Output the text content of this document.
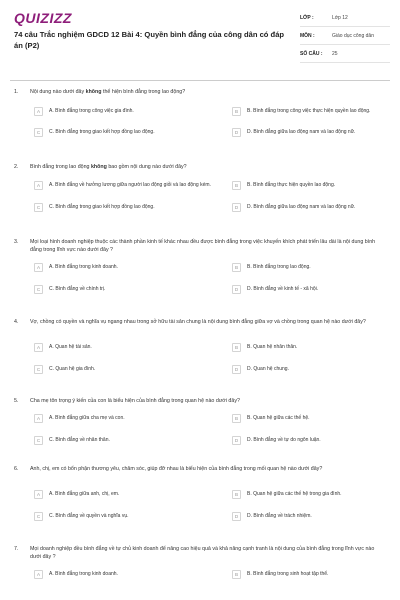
QUIZIZZ
74 câu Trắc nghiệm GDCD 12 Bài 4: Quyền bình đẳng của công dân có đáp án (P2)
LỚP :	Lớp 12
MÔN :	Giáo dục công dân
SỐ CÂU :	25
1.	Nội dung nào dưới đây không thể hiện bình đẳng trong lao động?
A	A. Bình đẳng trong công việc gia đình.	B	B. Bình đẳng trong công việc thực hiện quyền lao động.
C	C. Bình đẳng trong giao kết hợp đồng lao động.	D	D. Bình đẳng giữa lao động nam và lao động nữ.
2.	Bình đẳng trong lao động không bao gồm nội dung nào dưới đây?
A	A. Bình đẳng về hưởng lương giữa người lao động giỏi và lao động kém.	B	B. Bình đẳng thực hiện quyền lao động.
C	C. Bình đẳng trong giao kết hợp đồng lao động.	D	D. Bình đẳng giữa lao động nam và lao động nữ.
3.	Mọi loại hình doanh nghiệp thuộc các thành phần kinh tế khác nhau đều được bình đẳng trong việc khuyến khích phát triển lâu dài là nội dung bình đẳng trong lĩnh vực nào dưới đây ?
A	A. Bình đẳng trong kinh doanh.	B	B. Bình đẳng trong lao động.
C	C. Bình đẳng về chính trị.	D	D. Bình đẳng về kinh tế - xã hội.
4.	Vợ, chồng có quyền và nghĩa vụ ngang nhau trong sở hữu tài sản chung là nội dung bình đẳng giữa vợ và chồng trong quan hệ nào dưới đây?
A	A. Quan hệ tài sản.	B	B. Quan hệ nhân thân.
C	C. Quan hệ gia đình.	D	D. Quan hệ chung.
5.	Cha mẹ tôn trọng ý kiến của con là biểu hiện của bình đẳng trong quan hệ nào dưới đây?
A	A. Bình đẳng giữa cha mẹ và con.	B	B. Quan hệ giữa các thế hệ.
C	C. Bình đẳng về nhân thân.	D	D. Bình đẳng về tự do ngôn luận.
6.	Anh, chị, em có bổn phận thương yêu, chăm sóc, giúp đỡ nhau là biểu hiện của bình đẳng trong mối quan hệ nào dưới đây?
A	A. Bình đẳng giữa anh, chị, em.	B	B. Quan hệ giữa các thế hệ trong gia đình.
C	C. Bình đẳng về quyền và nghĩa vụ.	D	D. Bình đẳng về trách nhiệm.
7.	Mọi doanh nghiệp đều bình đẳng về tự chủ kinh doanh để nâng cao hiệu quả và khả năng cạnh tranh là nội dung của bình đẳng trong lĩnh vực nào dưới đây ?
A	A. Bình đẳng trong kinh doanh.	B	B. Bình đẳng trong sinh hoạt tập thể.
